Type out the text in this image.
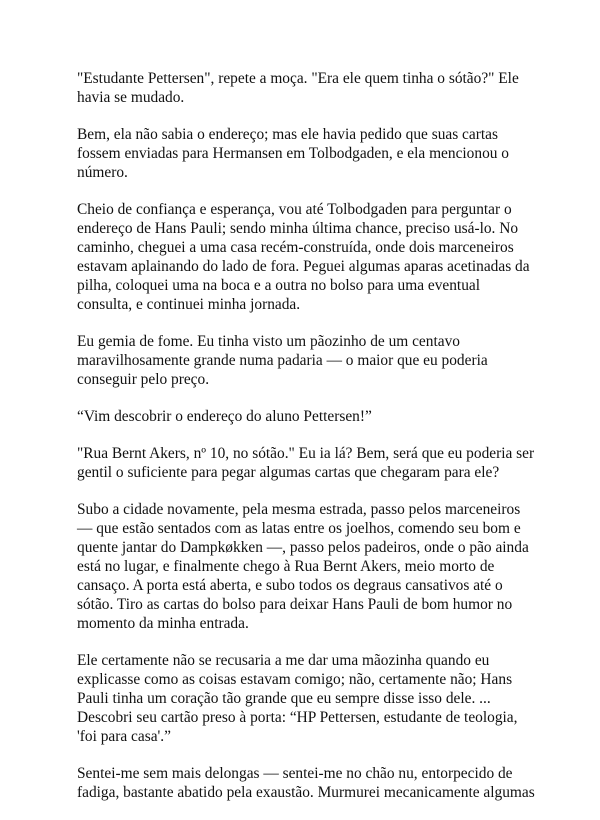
"Estudante Pettersen", repete a moça. "Era ele quem tinha o sótão?" Ele havia se mudado.

Bem, ela não sabia o endereço; mas ele havia pedido que suas cartas fossem enviadas para Hermansen em Tolbodgaden, e ela mencionou o número.

Cheio de confiança e esperança, vou até Tolbodgaden para perguntar o endereço de Hans Pauli; sendo minha última chance, preciso usá-lo. No caminho, cheguei a uma casa recém-construída, onde dois marceneiros estavam aplainando do lado de fora. Peguei algumas aparas acetinadas da pilha, coloquei uma na boca e a outra no bolso para uma eventual consulta, e continuei minha jornada.

Eu gemia de fome. Eu tinha visto um pãozinho de um centavo maravilhosamente grande numa padaria — o maior que eu poderia conseguir pelo preço.

“Vim descobrir o endereço do aluno Pettersen!”

"Rua Bernt Akers, nº 10, no sótão." Eu ia lá? Bem, será que eu poderia ser gentil o suficiente para pegar algumas cartas que chegaram para ele?

Subo a cidade novamente, pela mesma estrada, passo pelos marceneiros — que estão sentados com as latas entre os joelhos, comendo seu bom e quente jantar do Dampkøkken —, passo pelos padeiros, onde o pão ainda está no lugar, e finalmente chego à Rua Bernt Akers, meio morto de cansaço. A porta está aberta, e subo todos os degraus cansativos até o sótão. Tiro as cartas do bolso para deixar Hans Pauli de bom humor no momento da minha entrada.

Ele certamente não se recusaria a me dar uma mãozinha quando eu explicasse como as coisas estavam comigo; não, certamente não; Hans Pauli tinha um coração tão grande que eu sempre disse isso dele. ... Descobri seu cartão preso à porta: “HP Pettersen, estudante de teologia, 'foi para casa'.”

Sentei-me sem mais delongas — sentei-me no chão nu, entorpecido de fadiga, bastante abatido pela exaustão. Murmurei mecanicamente algumas
